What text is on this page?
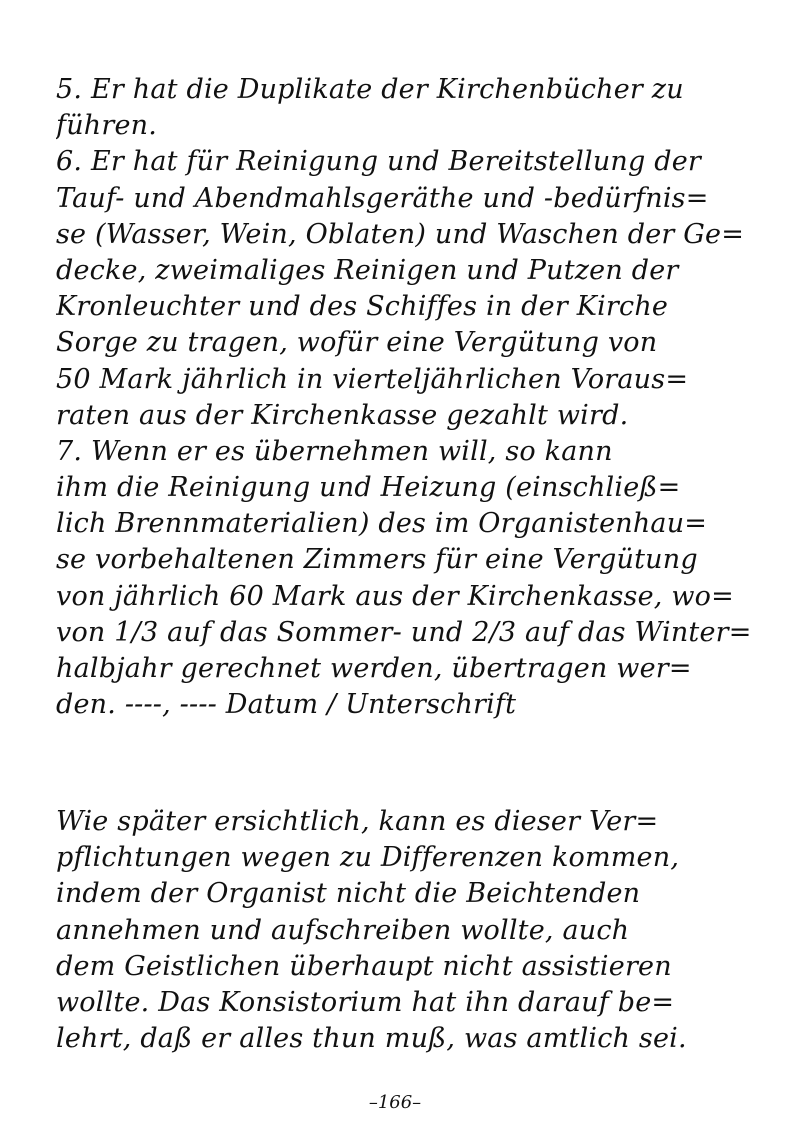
5. Er hat die Duplikate der Kirchenbücher zu
führen.
6. Er hat für Reinigung und Bereitstellung der
Tauf- und Abendmahlsgeräthe und -bedürfnis=
se (Wasser, Wein, Oblaten) und Waschen der Ge=
decke, zweimaliges Reinigen und Putzen der
Kronleuchter und des Schiffes in der Kirche
Sorge zu tragen, wofür eine Vergütung von
50 Mark jährlich in vierteljährlichen Voraus=
raten aus der Kirchenkasse gezahlt wird.
7. Wenn er es übernehmen will, so kann
ihm die Reinigung und Heizung (einschließ=
lich Brennmaterialien) des im Organistenhau=
se vorbehaltenen Zimmers für eine Vergütung
von jährlich 60 Mark aus der Kirchenkasse, wo=
von 1/3 auf das Sommer- und 2/3 auf das Winter=
halbjahr gerechnet werden, übertragen wer=
den. ----, ---- Datum / Unterschrift
Wie später ersichtlich, kann es dieser Ver=
pflichtungen wegen zu Differenzen kommen,
indem der Organist nicht die Beichtenden
annehmen und aufschreiben wollte, auch
dem Geistlichen überhaupt nicht assistieren
wollte. Das Konsistorium hat ihn darauf be=
lehrt, daß er alles thun muß, was amtlich sei.
–166–
